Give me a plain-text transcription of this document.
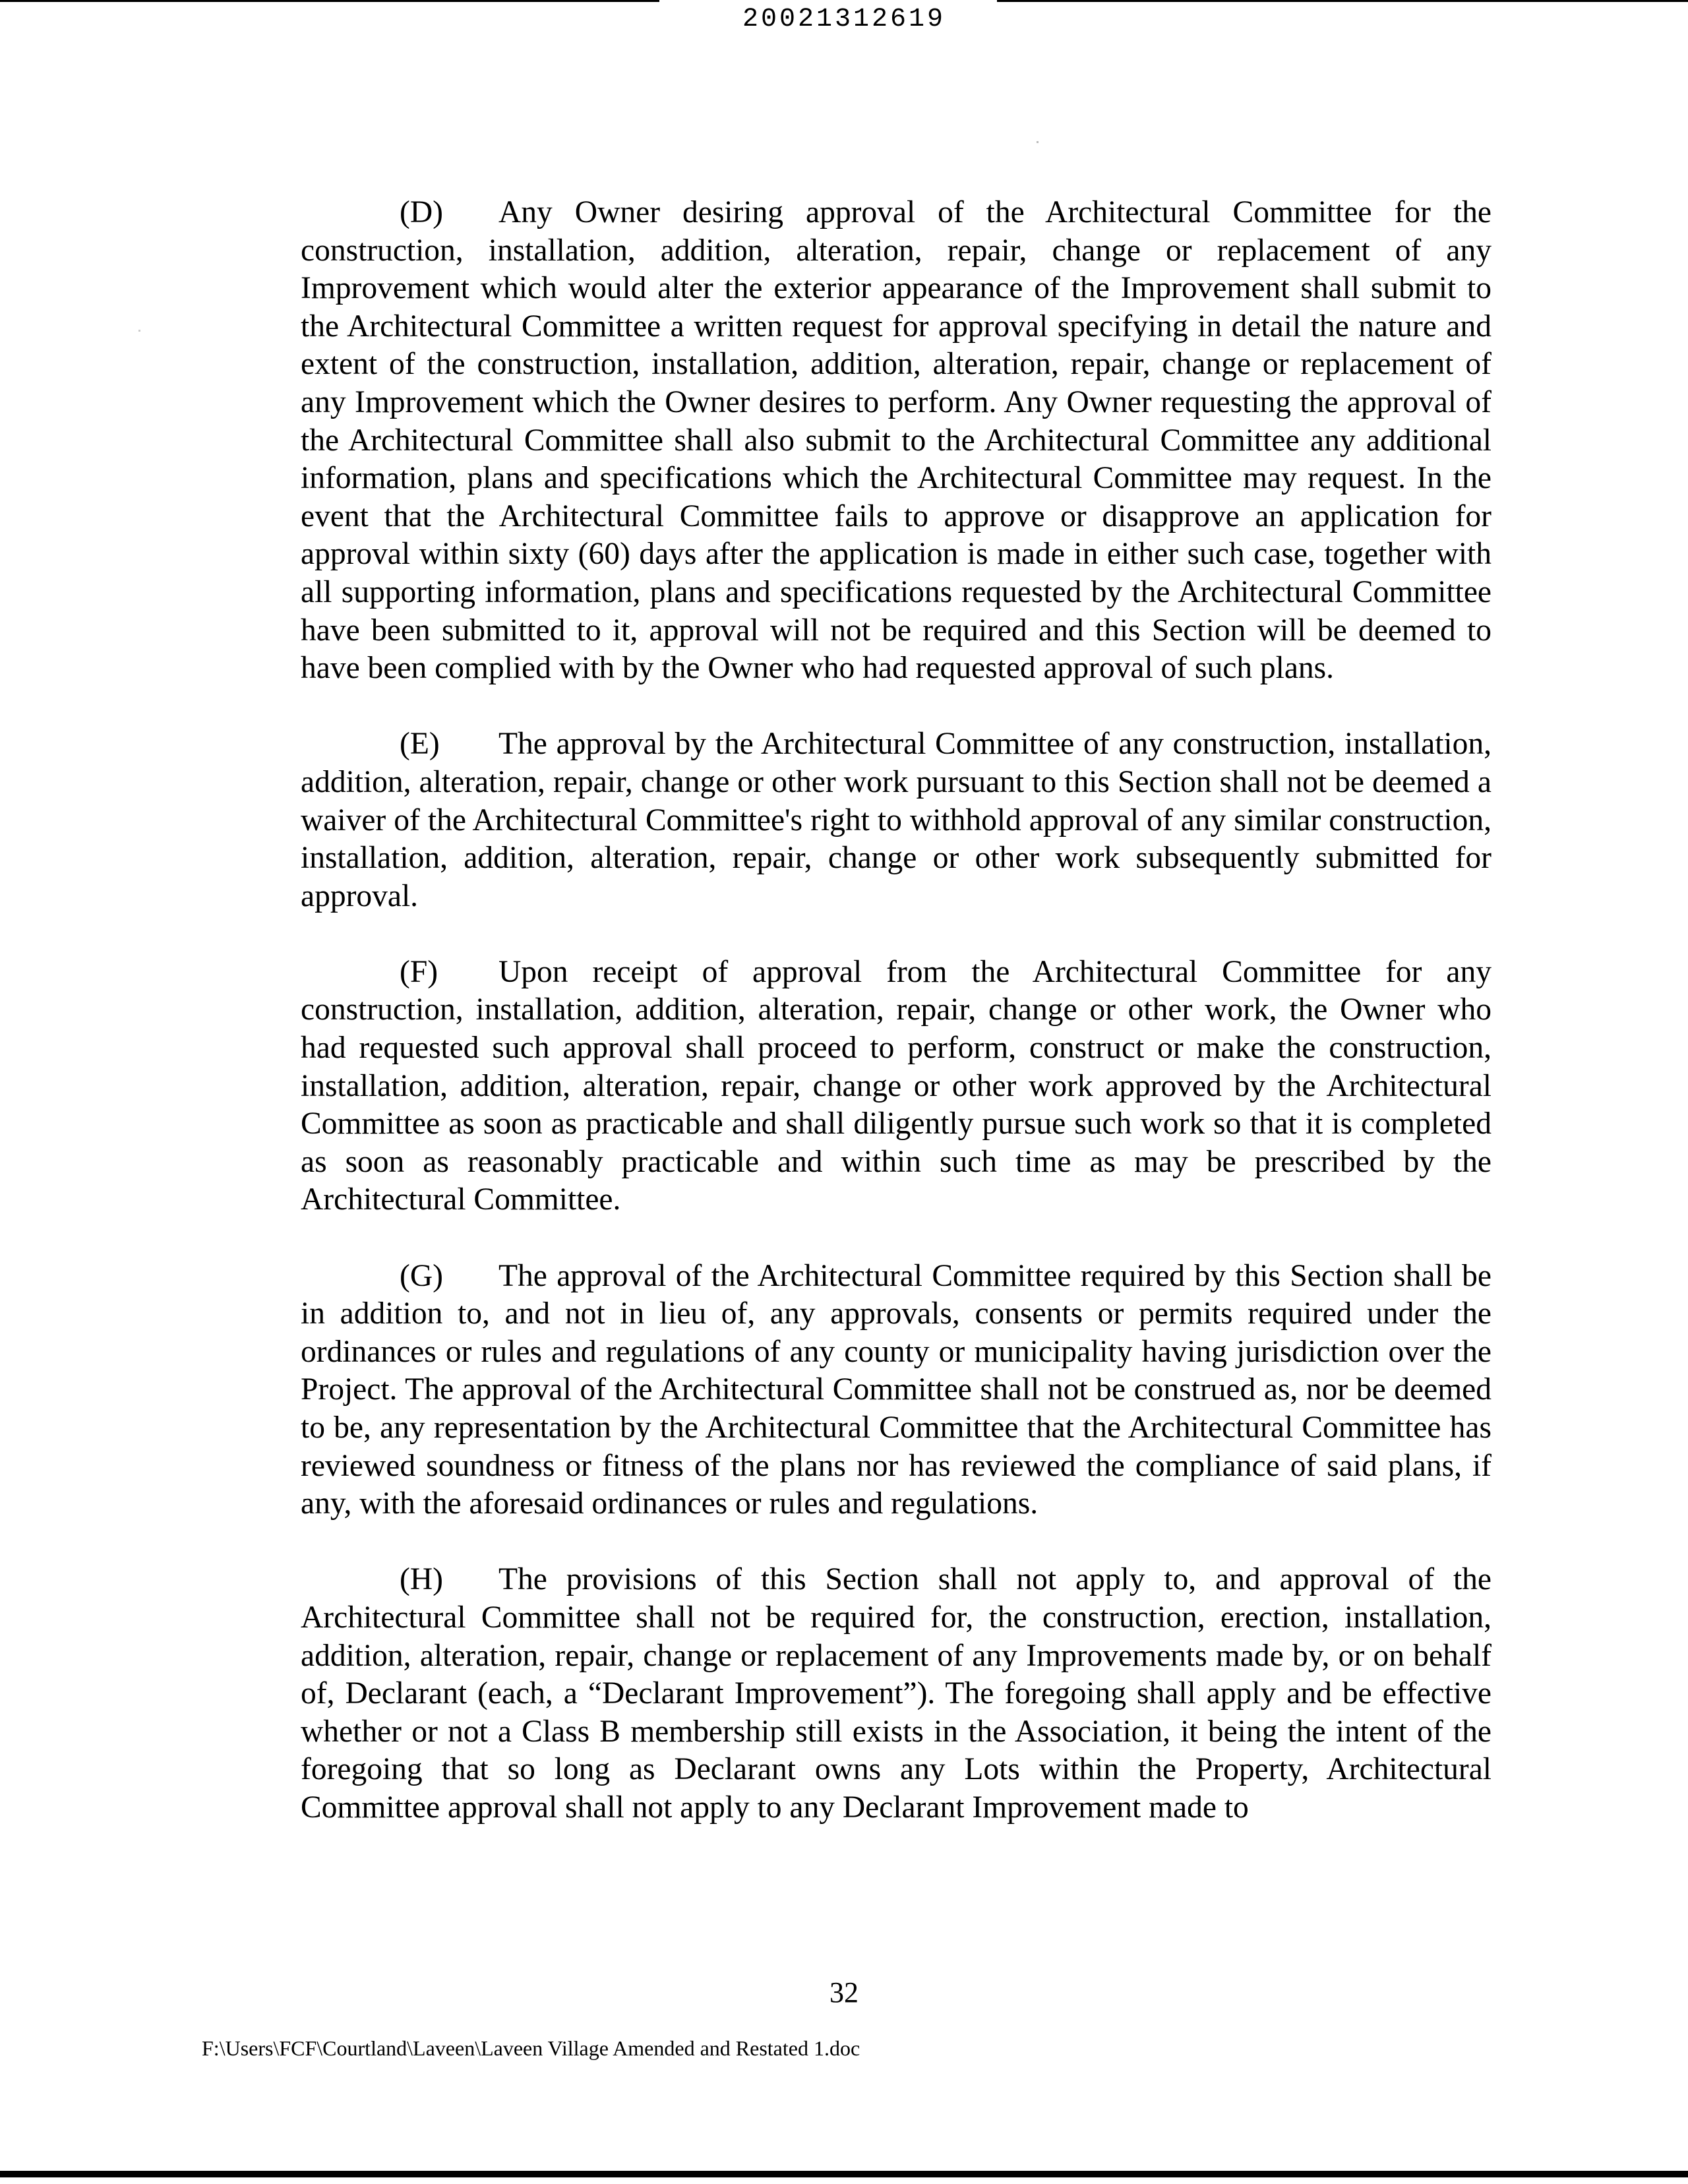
20021312619

(D) Any Owner desiring approval of the Architectural Committee for the construction, installation, addition, alteration, repair, change or replacement of any Improvement which would alter the exterior appearance of the Improvement shall submit to the Architectural Committee a written request for approval specifying in detail the nature and extent of the construction, installation, addition, alteration, repair, change or replacement of any Improvement which the Owner desires to perform. Any Owner requesting the approval of the Architectural Committee shall also submit to the Architectural Committee any additional information, plans and specifications which the Architectural Committee may request. In the event that the Architectural Committee fails to approve or disapprove an application for approval within sixty (60) days after the application is made in either such case, together with all supporting information, plans and specifications requested by the Architectural Committee have been submitted to it, approval will not be required and this Section will be deemed to have been complied with by the Owner who had requested approval of such plans.

(E) The approval by the Architectural Committee of any construction, installation, addition, alteration, repair, change or other work pursuant to this Section shall not be deemed a waiver of the Architectural Committee's right to withhold approval of any similar construction, installation, addition, alteration, repair, change or other work subsequently submitted for approval.

(F) Upon receipt of approval from the Architectural Committee for any construction, installation, addition, alteration, repair, change or other work, the Owner who had requested such approval shall proceed to perform, construct or make the construction, installation, addition, alteration, repair, change or other work approved by the Architectural Committee as soon as practicable and shall diligently pursue such work so that it is completed as soon as reasonably practicable and within such time as may be prescribed by the Architectural Committee.

(G) The approval of the Architectural Committee required by this Section shall be in addition to, and not in lieu of, any approvals, consents or permits required under the ordinances or rules and regulations of any county or municipality having jurisdiction over the Project. The approval of the Architectural Committee shall not be construed as, nor be deemed to be, any representation by the Architectural Committee that the Architectural Committee has reviewed soundness or fitness of the plans nor has reviewed the compliance of said plans, if any, with the aforesaid ordinances or rules and regulations.

(H) The provisions of this Section shall not apply to, and approval of the Architectural Committee shall not be required for, the construction, erection, installation, addition, alteration, repair, change or replacement of any Improvements made by, or on behalf of, Declarant (each, a “Declarant Improvement”). The foregoing shall apply and be effective whether or not a Class B membership still exists in the Association, it being the intent of the foregoing that so long as Declarant owns any Lots within the Property, Architectural Committee approval shall not apply to any Declarant Improvement made to

32
F:\Users\FCF\Courtland\Laveen\Laveen Village Amended and Restated 1.doc
